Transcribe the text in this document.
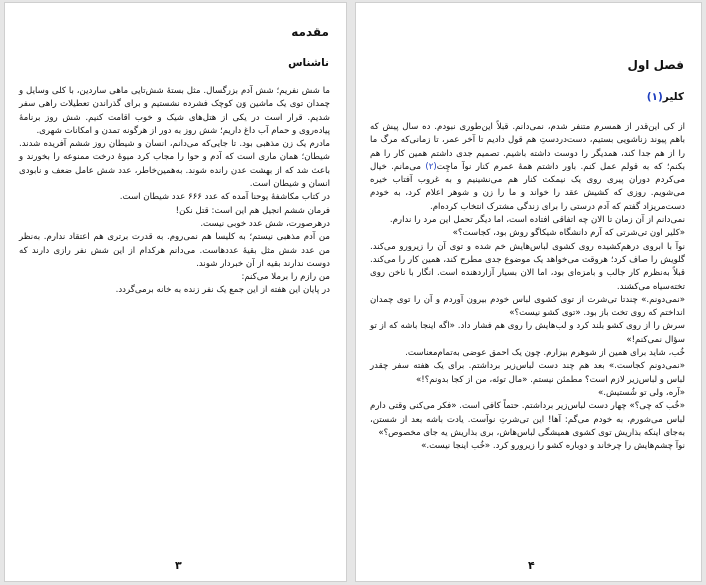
مقدمه
ناشناس

ما شش نفریم؛ شش آدم بزرگسال. مثل بستهٔ شش‌تایی ماهی ساردین، با کلی وسایل و چمدان توی یک ماشین وَن کوچک فشرده نشستیم و برای گذراندن تعطیلات راهی سفر شدیم. قرار است در یکی از هتل‌های شیک و خوب اقامت کنیم. شش روز برنامهٔ پیاده‌روی و حمام آب داغ داریم؛ شش روز به دور از هرگونه تمدن و امکانات شهری.

مادرم یک زن مذهبی بود. تا جایی‌که می‌دانم، انسان و شیطان روز ششم آفریده شدند. شیطان؛ همان ماری است که آدم و حوا را مجاب کرد میوهٔ درخت ممنوعه را بخورند و باعث شد که از بهشت عدن رانده شوند. به‌همین‌خاطر، عدد شش عامل ضعف و نابودی انسان و شیطان است.

در کتاب مکاشفهٔ یوحنا آمده که عدد ۶۶۶ عدد شیطان است.

فرمان ششم انجیل هم این است: قتل نکن!

درهرصورت، شش عدد خوبی نیست.

من آدم مذهبی نیستم؛ به کلیسا هم نمی‌روم. به قدرت برتری هم اعتقاد ندارم. به‌نظر من عدد شش مثل بقیهٔ عددهاست. می‌دانم هرکدام از این شش نفر رازی دارند که دوست ندارند بقیه از آن خبردار شوند.

من رازم را برملا می‌کنم:

در پایان این هفته از این جمع یک نفر زنده به خانه برمی‌گردد.

۳
فصل اول
کلیر(۱)

از کی این‌قدر از همسرم متنفر شدم، نمی‌دانم. قبلاً این‌طوری نبودم. ده سال پیش که باهم پیوند زناشویی بستیم، دست‌دردستِ هم قول دادیم تا آخر عمر، تا زمانی‌که مرگ ما را از هم جدا کند، همدیگر را دوست داشته باشیم. تصمیم جدی داشتم همین کار را هم بکنم؛ که به قولم عمل کنم. باور داشتم همهٔ عمرم کنار نوآ ماچِت(۲) می‌مانم. خیال می‌کردم دوران پیری روی یک نیمکت کنار هم می‌نشینیم و به غروب آفتاب خیره می‌شویم. روزی که کشیش عقد را خواند و ما را زن و شوهر اعلام کرد، به خودم دست‌مریزاد گفتم که آدم درستی را برای زندگی مشترک انتخاب کرده‌ام.

نمی‌دانم از آن زمان تا الان چه اتفاقی افتاده است، اما دیگر تحمل این مرد را ندارم.

«کلیر اون تی‌شرتی که آرم دانشگاه شیکاگو روش بود، کجاست؟»

نوآ با ابروی درهم‌کشیده روی کشوی لباس‌هایش خم شده و توی آن را زیرورو می‌کند. گلویش را صاف کرد؛ هروقت می‌خواهد یک موضوع جدی مطرح کند، همین کار را می‌کند. قبلاً به‌نظرم کار جالب و بامزه‌ای بود، اما الان بسیار آزاردهنده است. انگار با ناخن روی تخته‌سیاه می‌کشند.

«نمی‌دونم.» چندتا تی‌شرت از توی کشوی لباس خودم بیرون آوردم و آن را توی چمدان انداختم که روی تخت باز بود. «توی کشو نیست؟»

سرش را از روی کشو بلند کرد و لب‌هایش را روی هم فشار داد. «اگه اینجا باشه که از تو سؤال نمی‌کنم!»

خُب، شاید برای همین از شوهرم بیزارم. چون یک احمق عوضی به‌تمام‌معناست.

«نمی‌دونم کجاست.» بعد هم چند دست لباس‌زیر برداشتم. برای یک هفته سفر چقدر لباس و لباس‌زیر لازم است؟ مطمئن نیستم. «مال توئه، من از کجا بدونم؟!»

«آره، ولی تو شُستیش.»

«خُب که چی؟» چهار دست لباس‌زیر برداشتم. حتماً کافی است. «فکر می‌کنی وقتی دارم لباس می‌شورم، به خودم می‌گم: آها! این تی‌شرتِ نوآست. یادت باشه بعد از شستن، به‌جای اینکه بذاریش توی کشوی همیشگی لباس‌هاش، بری بذاریش یه جای مخصوص؟»

نوآ چشم‌هایش را چرخاند و دوباره کشو را زیرورو کرد. «خُب اینجا نیست.»

۴
